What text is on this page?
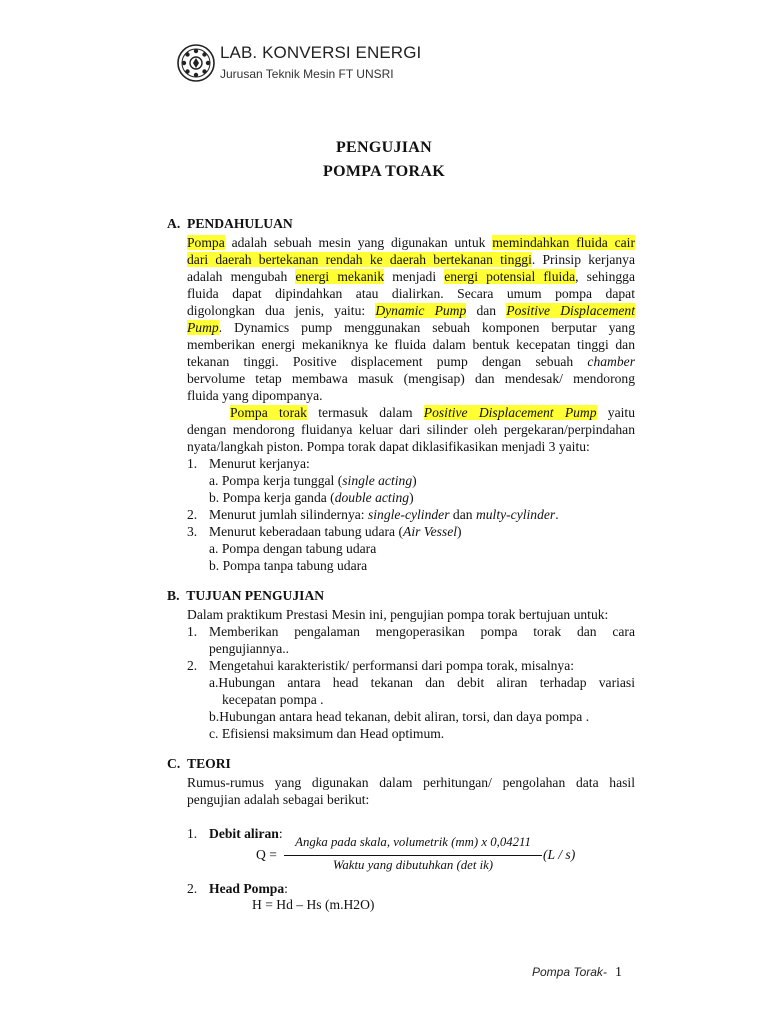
LAB. KONVERSI ENERGI
Jurusan Teknik Mesin FT UNSRI
PENGUJIAN
POMPA TORAK
A. PENDAHULUAN
Pompa adalah sebuah mesin yang digunakan untuk memindahkan fluida cair
dari daerah bertekanan rendah ke daerah bertekanan tinggi. Prinsip kerjanya
adalah mengubah energi mekanik menjadi energi potensial fluida, sehingga
fluida dapat dipindahkan atau dialirkan. Secara umum pompa dapat
digolongkan dua jenis, yaitu: Dynamic Pump dan Positive Displacement
Pump. Dynamics pump menggunakan sebuah komponen berputar yang
memberikan energi mekaniknya ke fluida dalam bentuk kecepatan tinggi dan
tekanan tinggi. Positive displacement pump dengan sebuah chamber
bervolume tetap membawa masuk (mengisap) dan mendesak/ mendorong
fluida yang dipompanya.
Pompa torak termasuk dalam Positive Displacement Pump yaitu
dengan mendorong fluidanya keluar dari silinder oleh pergekaran/perpindahan
nyata/langkah piston. Pompa torak dapat diklasifikasikan menjadi 3 yaitu:
1. Menurut kerjanya:
a. Pompa kerja tunggal (single acting)
b. Pompa kerja ganda (double acting)
2. Menurut jumlah silindernya: single-cylinder dan multy-cylinder.
3. Menurut keberadaan tabung udara (Air Vessel)
a. Pompa dengan tabung udara
b. Pompa tanpa tabung udara
B. TUJUAN PENGUJIAN
Dalam praktikum Prestasi Mesin ini, pengujian pompa torak bertujuan untuk:
1. Memberikan pengalaman mengoperasikan pompa torak dan cara
pengujiannya..
2. Mengetahui karakteristik/ performansi dari pompa torak, misalnya:
a.Hubungan antara head tekanan dan debit aliran terhadap variasi
kecepatan pompa .
b.Hubungan antara head tekanan, debit aliran, torsi, dan daya pompa .
c. Efisiensi maksimum dan Head optimum.
C. TEORI
Rumus-rumus yang digunakan dalam perhitungan/ pengolahan data hasil
pengujian adalah sebagai berikut:
1. Debit aliran:
Q =
Angka pada skala, volumetrik (mm) x 0,04211
Waktu yang dibutuhkan (det ik)
(L / s)
2. Head Pompa:
H = Hd – Hs (m.H2O)
Pompa Torak- 1
